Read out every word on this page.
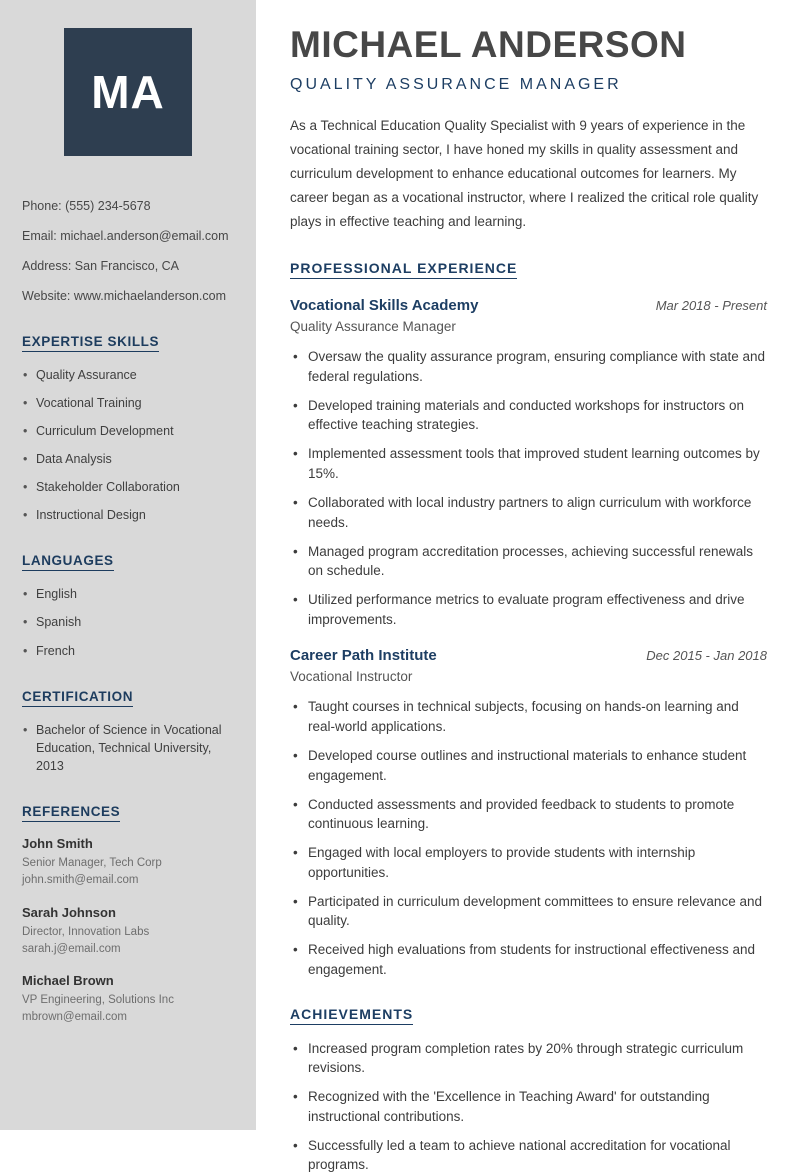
MA

Phone: (555) 234-5678

Email: michael.anderson@email.com

Address: San Francisco, CA

Website: www.michaelanderson.com

EXPERTISE SKILLS
• Quality Assurance
• Vocational Training
• Curriculum Development
• Data Analysis
• Stakeholder Collaboration
• Instructional Design
LANGUAGES
• English
• Spanish
• French
CERTIFICATION
• Bachelor of Science in Vocational Education, Technical University, 2013
REFERENCES
John Smith
Senior Manager, Tech Corp
john.smith@email.com
Sarah Johnson
Director, Innovation Labs
sarah.j@email.com
Michael Brown
VP Engineering, Solutions Inc
mbrown@email.com
MICHAEL ANDERSON
QUALITY ASSURANCE MANAGER

As a Technical Education Quality Specialist with 9 years of experience in the vocational training sector, I have honed my skills in quality assessment and curriculum development to enhance educational outcomes for learners. My career began as a vocational instructor, where I realized the critical role quality plays in effective teaching and learning.

PROFESSIONAL EXPERIENCE
Vocational Skills Academy	Mar 2018 - Present
Quality Assurance Manager
• Oversaw the quality assurance program, ensuring compliance with state and federal regulations.
• Developed training materials and conducted workshops for instructors on effective teaching strategies.
• Implemented assessment tools that improved student learning outcomes by 15%.
• Collaborated with local industry partners to align curriculum with workforce needs.
• Managed program accreditation processes, achieving successful renewals on schedule.
• Utilized performance metrics to evaluate program effectiveness and drive improvements.
Career Path Institute	Dec 2015 - Jan 2018
Vocational Instructor
• Taught courses in technical subjects, focusing on hands-on learning and real-world applications.
• Developed course outlines and instructional materials to enhance student engagement.
• Conducted assessments and provided feedback to students to promote continuous learning.
• Engaged with local employers to provide students with internship opportunities.
• Participated in curriculum development committees to ensure relevance and quality.
• Received high evaluations from students for instructional effectiveness and engagement.
ACHIEVEMENTS
• Increased program completion rates by 20% through strategic curriculum revisions.
• Recognized with the 'Excellence in Teaching Award' for outstanding instructional contributions.
• Successfully led a team to achieve national accreditation for vocational programs.
